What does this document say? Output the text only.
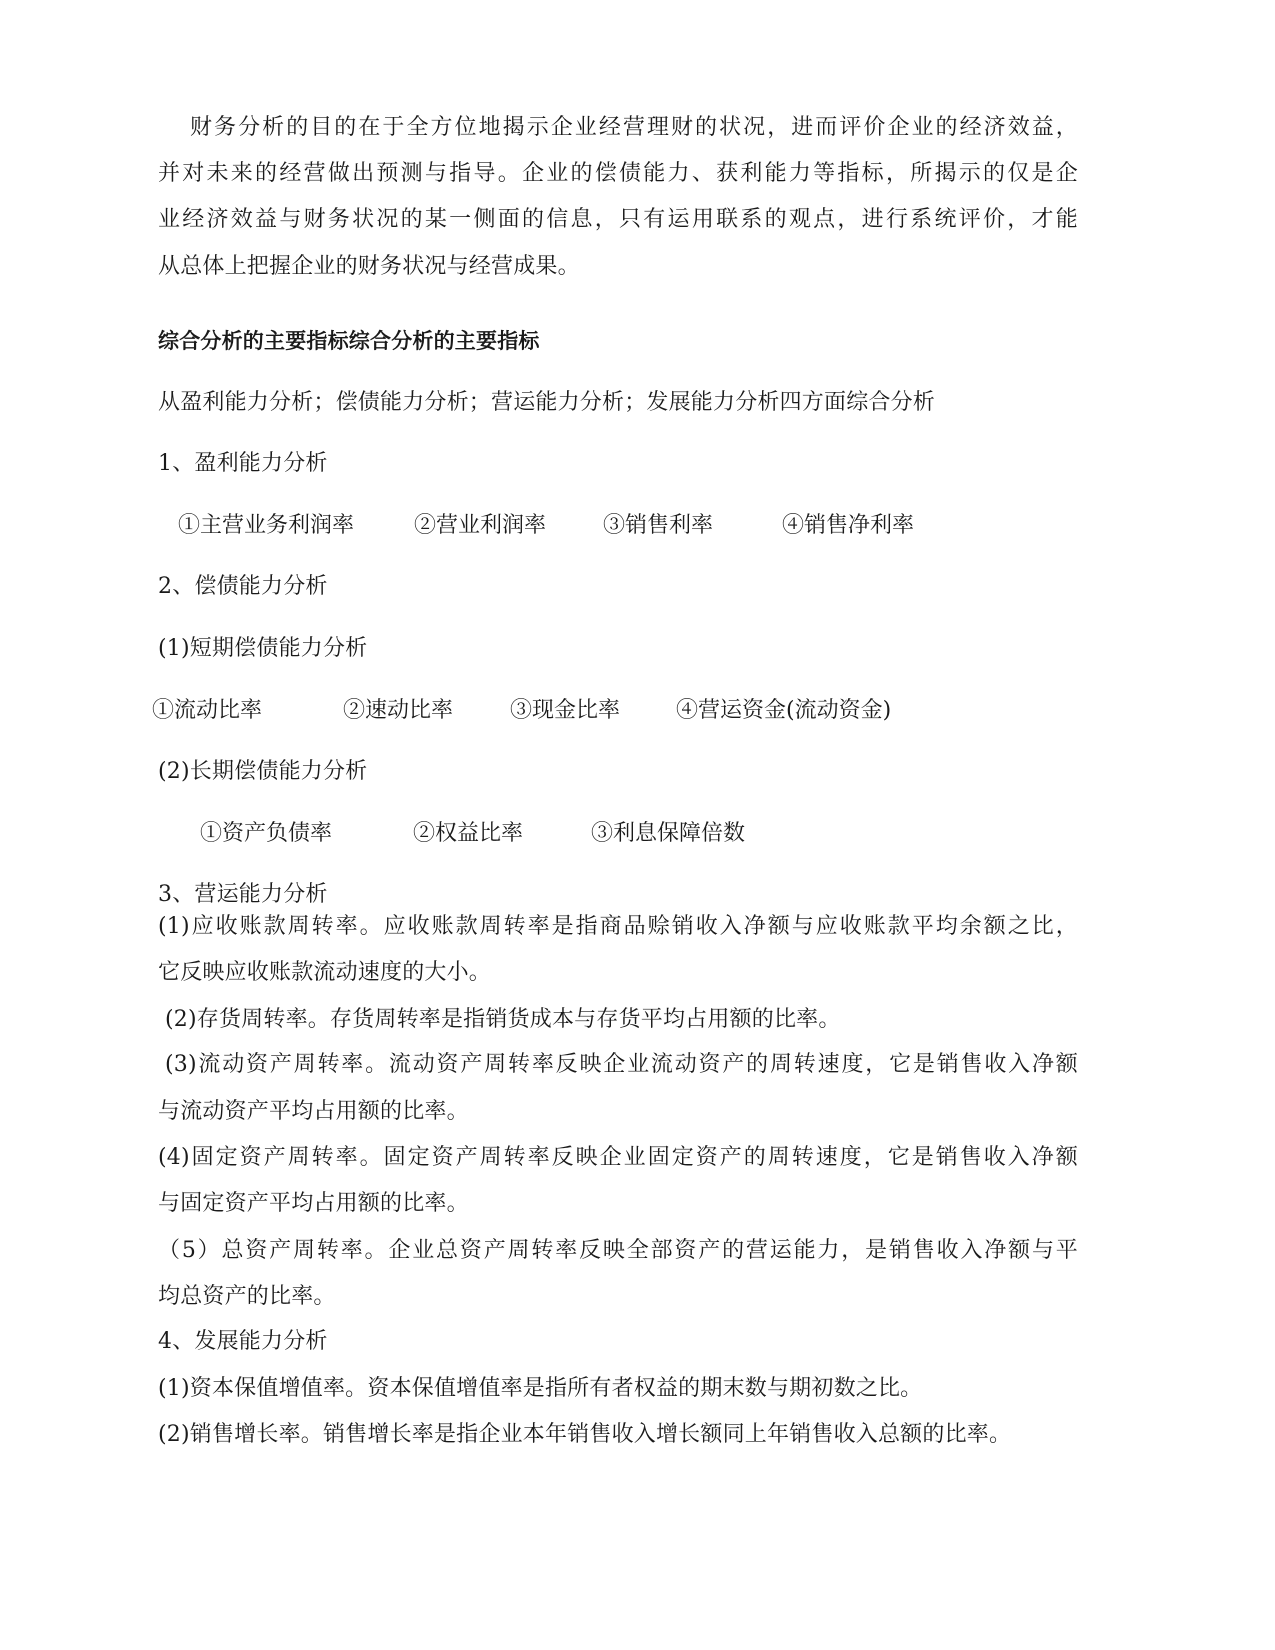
财务分析的目的在于全方位地揭示企业经营理财的状况，进而评价企业的经济效益，
并对未来的经营做出预测与指导。企业的偿债能力、获利能力等指标，所揭示的仅是企
业经济效益与财务状况的某一侧面的信息，只有运用联系的观点，进行系统评价，才能
从总体上把握企业的财务状况与经营成果。
综合分析的主要指标综合分析的主要指标
从盈利能力分析；偿债能力分析；营运能力分析；发展能力分析四方面综合分析
1、盈利能力分析
①主营业务利润率	②营业利润率	③销售利率	④销售净利率
2、偿债能力分析
(1)短期偿债能力分析
①流动比率	②速动比率	③现金比率	④营运资金(流动资金)
(2)长期偿债能力分析
①资产负债率	②权益比率	③利息保障倍数
3、营运能力分析
(1)应收账款周转率。应收账款周转率是指商品赊销收入净额与应收账款平均余额之比，
它反映应收账款流动速度的大小。
(2)存货周转率。存货周转率是指销货成本与存货平均占用额的比率。
(3)流动资产周转率。流动资产周转率反映企业流动资产的周转速度，它是销售收入净额
与流动资产平均占用额的比率。
(4)固定资产周转率。固定资产周转率反映企业固定资产的周转速度，它是销售收入净额
与固定资产平均占用额的比率。
（5）总资产周转率。企业总资产周转率反映全部资产的营运能力，是销售收入净额与平
均总资产的比率。
4、发展能力分析
(1)资本保值增值率。资本保值增值率是指所有者权益的期末数与期初数之比。
(2)销售增长率。销售增长率是指企业本年销售收入增长额同上年销售收入总额的比率。
